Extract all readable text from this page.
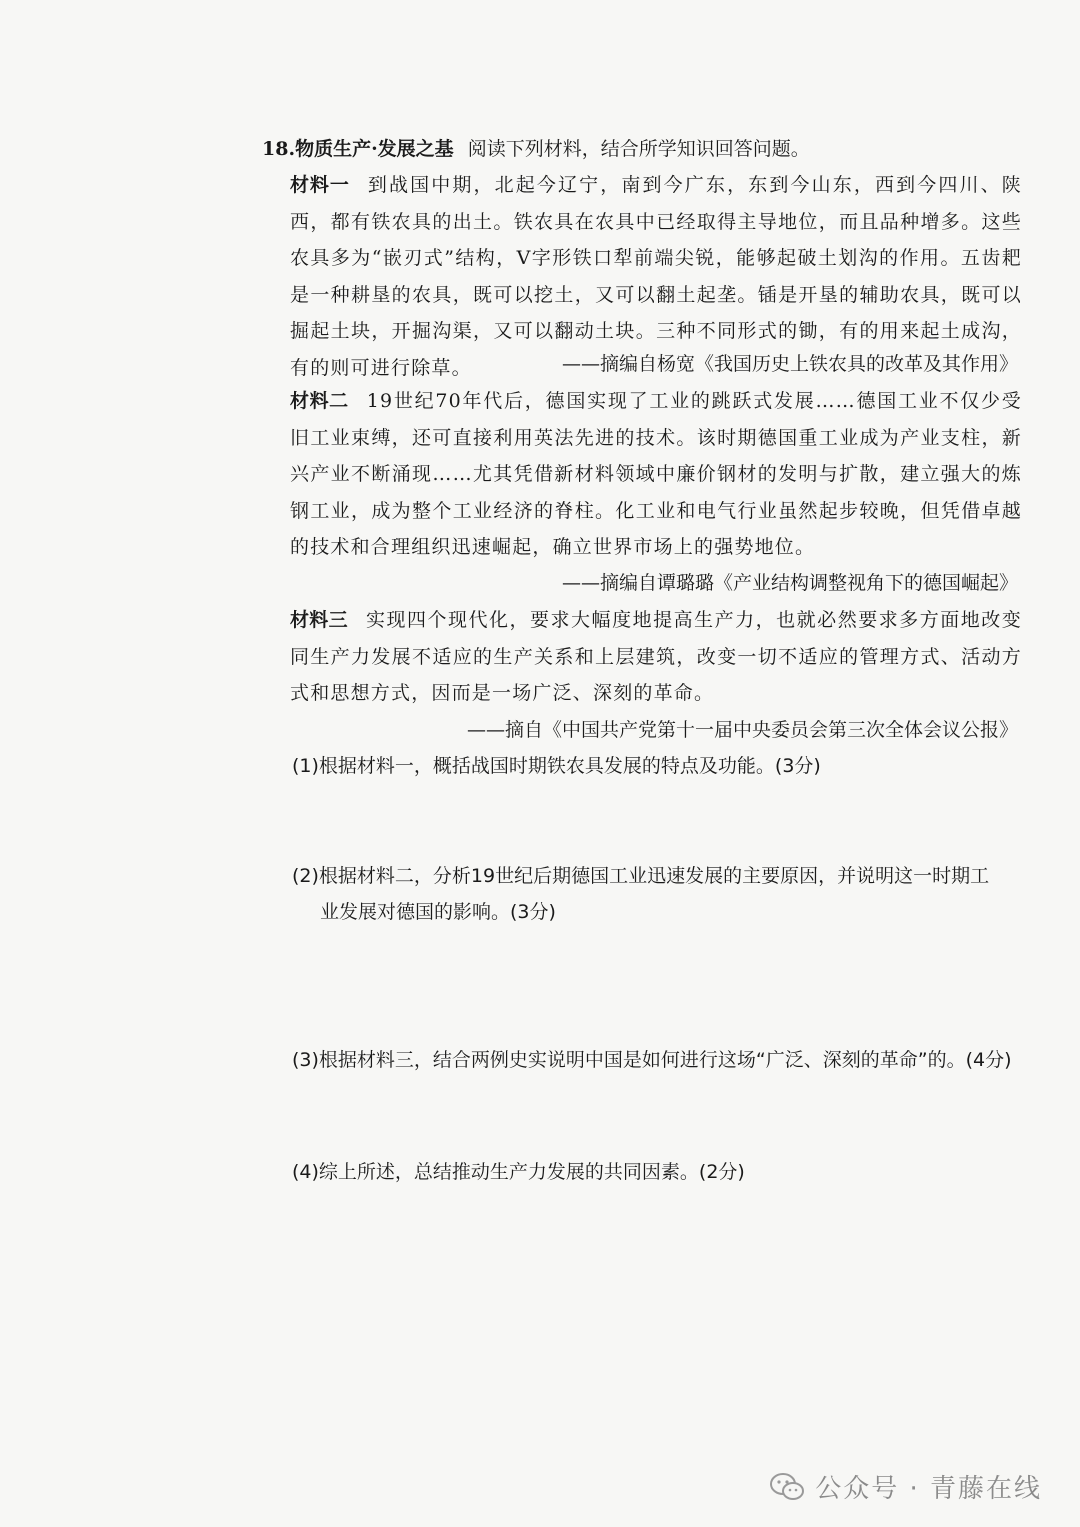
18.物质生产·发展之基 阅读下列材料，结合所学知识回答问题。
材料一 到战国中期，北起今辽宁，南到今广东，东到今山东，西到今四川、陕西，都有铁农具的出土。铁农具在农具中已经取得主导地位，而且品种增多。这些农具多为“嵌刃式”结构，V字形铁口犁前端尖锐，能够起破土划沟的作用。五齿耙是一种耕垦的农具，既可以挖土，又可以翻土起垄。锸是开垦的辅助农具，既可以掘起土块，开掘沟渠，又可以翻动土块。三种不同形式的锄，有的用来起土成沟，有的则可进行除草。	——摘编自杨宽《我国历史上铁农具的改革及其作用》
材料二 19世纪70年代后，德国实现了工业的跳跃式发展……德国工业不仅少受旧工业束缚，还可直接利用英法先进的技术。该时期德国重工业成为产业支柱，新兴产业不断涌现……尤其凭借新材料领域中廉价钢材的发明与扩散，建立强大的炼钢工业，成为整个工业经济的脊柱。化工业和电气行业虽然起步较晚，但凭借卓越的技术和合理组织迅速崛起，确立世界市场上的强势地位。
——摘编自谭璐璐《产业结构调整视角下的德国崛起》
材料三 实现四个现代化，要求大幅度地提高生产力，也就必然要求多方面地改变同生产力发展不适应的生产关系和上层建筑，改变一切不适应的管理方式、活动方式和思想方式，因而是一场广泛、深刻的革命。
——摘自《中国共产党第十一届中央委员会第三次全体会议公报》
(1)根据材料一，概括战国时期铁农具发展的特点及功能。(3分)
(2)根据材料二，分析19世纪后期德国工业迅速发展的主要原因，并说明这一时期工
业发展对德国的影响。(3分)
(3)根据材料三，结合两例史实说明中国是如何进行这场“广泛、深刻的革命”的。(4分)
(4)综上所述，总结推动生产力发展的共同因素。(2分)
公众号 · 青藤在线
